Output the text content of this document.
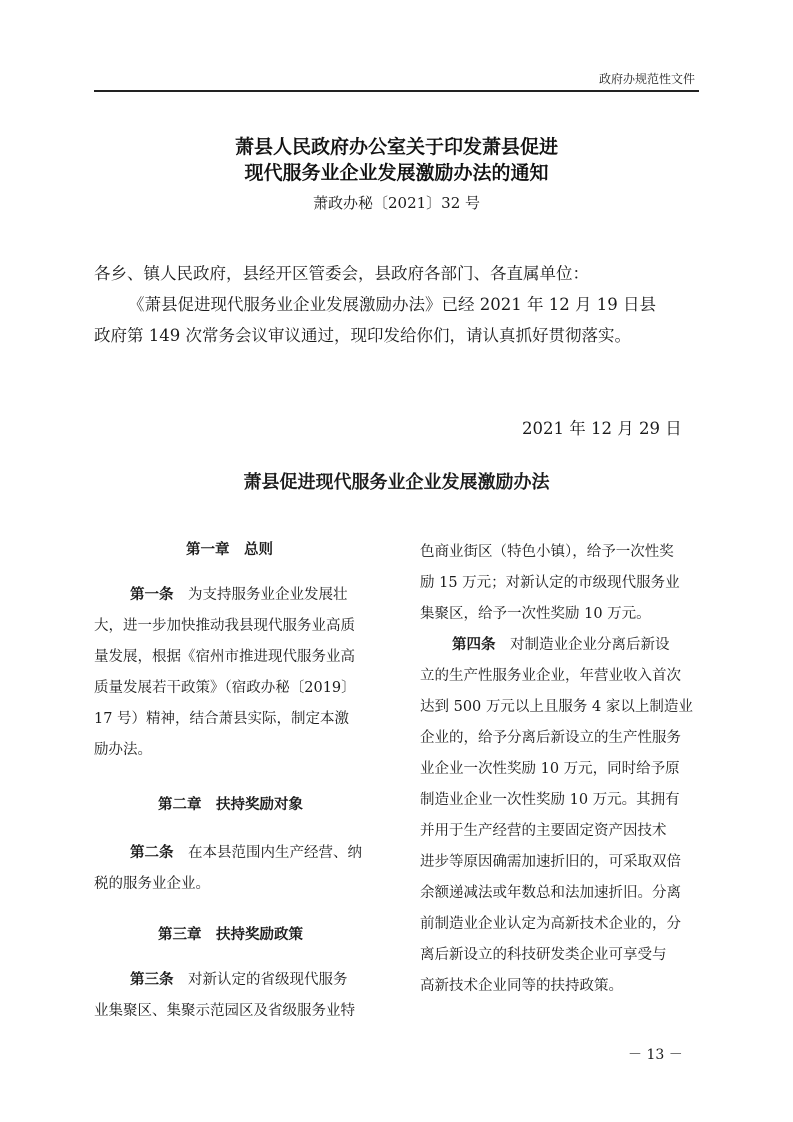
政府办规范性文件
萧县人民政府办公室关于印发萧县促进
现代服务业企业发展激励办法的通知
萧政办秘〔2021〕32 号

各乡、镇人民政府，县经开区管委会，县政府各部门、各直属单位：

《萧县促进现代服务业企业发展激励办法》已经 2021 年 12 月 19 日县

政府第 149 次常务会议审议通过，现印发给你们，请认真抓好贯彻落实。

2021 年 12 月 29 日
萧县促进现代服务业企业发展激励办法
第一章　总则
第一条　为支持服务业企业发展壮
大，进一步加快推动我县现代服务业高质
量发展，根据《宿州市推进现代服务业高
质量发展若干政策》（宿政办秘〔2019〕
17 号）精神，结合萧县实际，制定本激
励办法。
第二章　扶持奖励对象
第二条　在本县范围内生产经营、纳
税的服务业企业。
第三章　扶持奖励政策
第三条　对新认定的省级现代服务
业集聚区、集聚示范园区及省级服务业特
色商业街区（特色小镇），给予一次性奖
励 15 万元；对新认定的市级现代服务业
集聚区，给予一次性奖励 10 万元。
第四条　对制造业企业分离后新设
立的生产性服务业企业，年营业收入首次
达到 500 万元以上且服务 4 家以上制造业
企业的，给予分离后新设立的生产性服务
业企业一次性奖励 10 万元，同时给予原
制造业企业一次性奖励 10 万元。其拥有
并用于生产经营的主要固定资产因技术
进步等原因确需加速折旧的，可采取双倍
余额递减法或年数总和法加速折旧。分离
前制造业企业认定为高新技术企业的，分
离后新设立的科技研发类企业可享受与
高新技术企业同等的扶持政策。
－ 13 －
